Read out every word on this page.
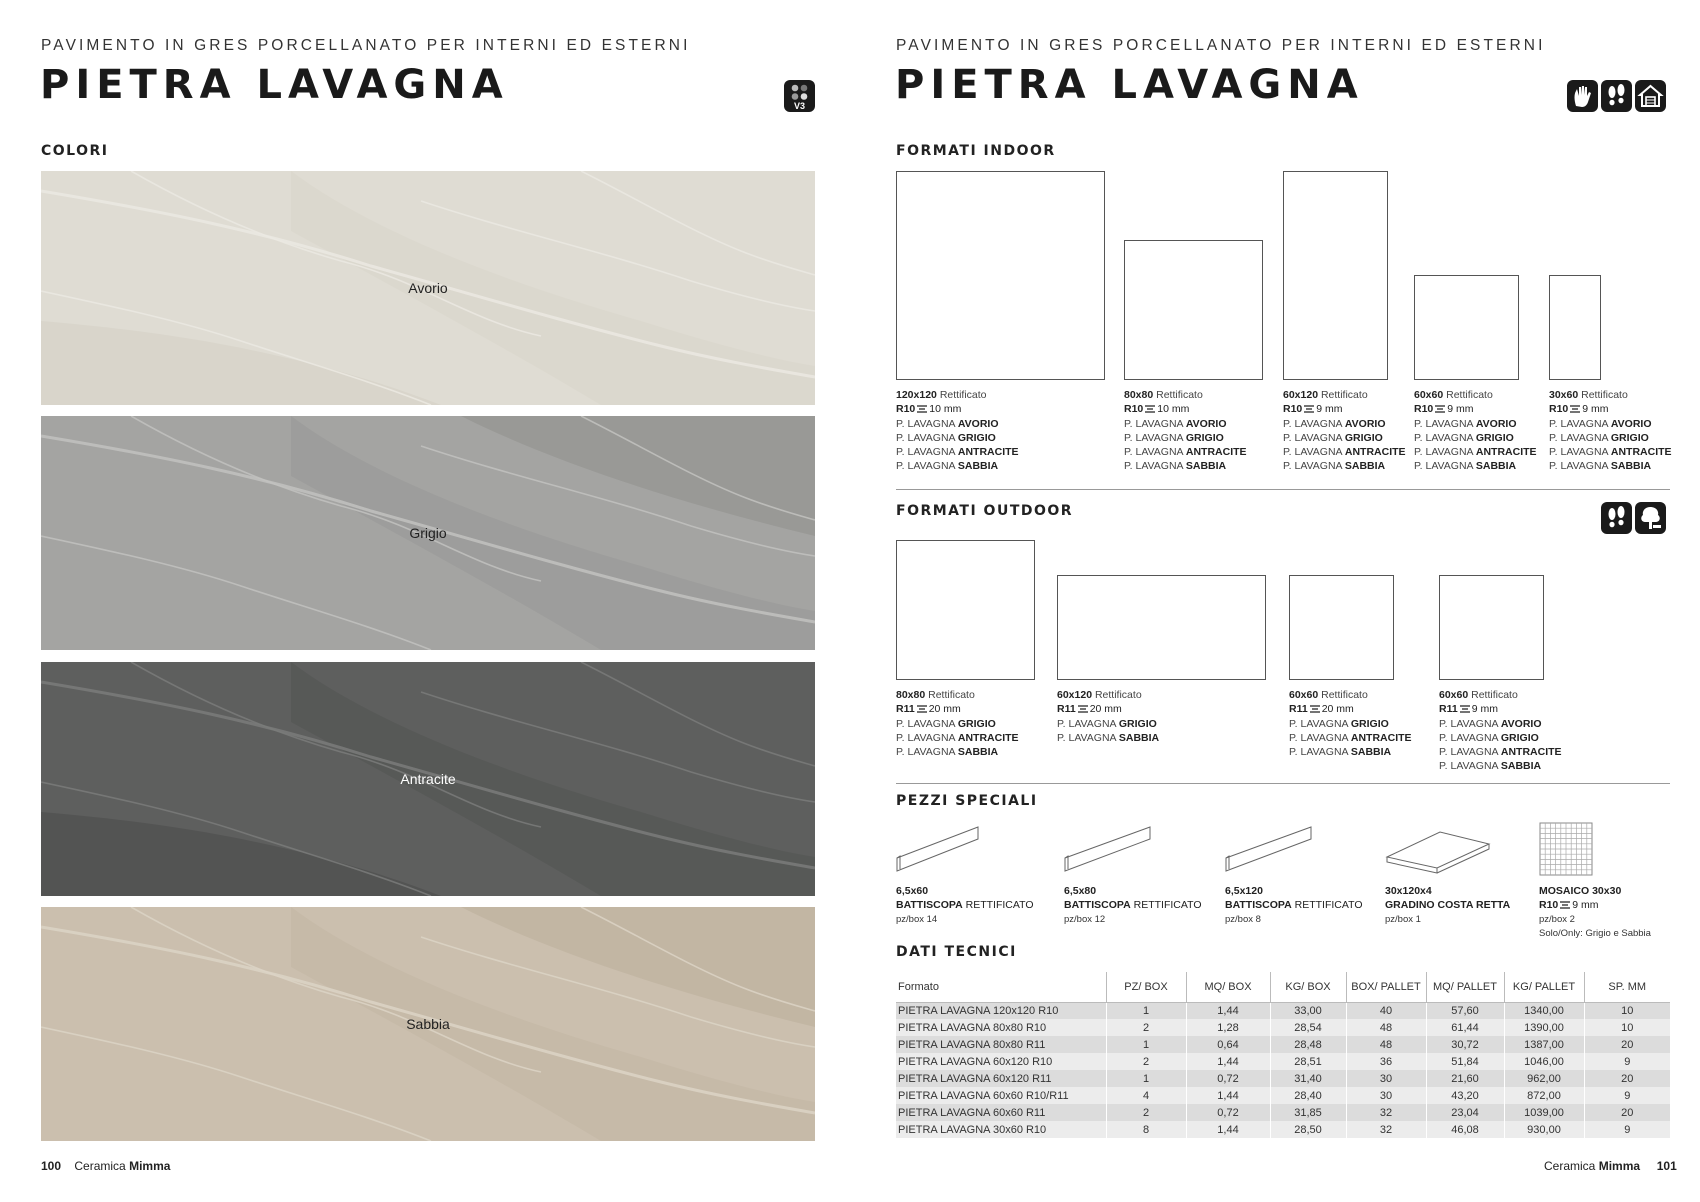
PAVIMENTO IN GRES PORCELLANATO PER INTERNI ED ESTERNI
PIETRA LAVAGNA	V3
COLORI
Avorio
Grigio
Antracite
Sabbia
100 Ceramica Mimma
PAVIMENTO IN GRES PORCELLANATO PER INTERNI ED ESTERNI
PIETRA LAVAGNA
FORMATI INDOOR
120x120 Rettificato
R10 10 mm
P. LAVAGNA AVORIO
P. LAVAGNA GRIGIO
P. LAVAGNA ANTRACITE
P. LAVAGNA SABBIA
80x80 Rettificato
R10 10 mm
P. LAVAGNA AVORIO
P. LAVAGNA GRIGIO
P. LAVAGNA ANTRACITE
P. LAVAGNA SABBIA
60x120 Rettificato
R10 9 mm
P. LAVAGNA AVORIO
P. LAVAGNA GRIGIO
P. LAVAGNA ANTRACITE
P. LAVAGNA SABBIA
60x60 Rettificato
R10 9 mm
P. LAVAGNA AVORIO
P. LAVAGNA GRIGIO
P. LAVAGNA ANTRACITE
P. LAVAGNA SABBIA
30x60 Rettificato
R10 9 mm
P. LAVAGNA AVORIO
P. LAVAGNA GRIGIO
P. LAVAGNA ANTRACITE
P. LAVAGNA SABBIA
FORMATI OUTDOOR
80x80 Rettificato
R11 20 mm
P. LAVAGNA GRIGIO
P. LAVAGNA ANTRACITE
P. LAVAGNA SABBIA
60x120 Rettificato
R11 20 mm
P. LAVAGNA GRIGIO
P. LAVAGNA SABBIA
60x60 Rettificato
R11 20 mm
P. LAVAGNA GRIGIO
P. LAVAGNA ANTRACITE
P. LAVAGNA SABBIA
60x60 Rettificato
R11 9 mm
P. LAVAGNA AVORIO
P. LAVAGNA GRIGIO
P. LAVAGNA ANTRACITE
P. LAVAGNA SABBIA
PEZZI SPECIALI
6,5x60
BATTISCOPA RETTIFICATO
pz/box 14
6,5x80
BATTISCOPA RETTIFICATO
pz/box 12
6,5x120
BATTISCOPA RETTIFICATO
pz/box 8
30x120x4
GRADINO COSTA RETTA
pz/box 1
MOSAICO 30x30
R10 9 mm
pz/box 2
Solo/Only: Grigio e Sabbia
DATI TECNICI
Formato	PZ/ BOX	MQ/ BOX	KG/ BOX	BOX/ PALLET	MQ/ PALLET	KG/ PALLET	SP. MM
PIETRA LAVAGNA 120x120 R10	1	1,44	33,00	40	57,60	1340,00	10
PIETRA LAVAGNA 80x80 R10	2	1,28	28,54	48	61,44	1390,00	10
PIETRA LAVAGNA 80x80 R11	1	0,64	28,48	48	30,72	1387,00	20
PIETRA LAVAGNA 60x120 R10	2	1,44	28,51	36	51,84	1046,00	9
PIETRA LAVAGNA 60x120 R11	1	0,72	31,40	30	21,60	962,00	20
PIETRA LAVAGNA 60x60 R10/R11	4	1,44	28,40	30	43,20	872,00	9
PIETRA LAVAGNA 60x60 R11	2	0,72	31,85	32	23,04	1039,00	20
PIETRA LAVAGNA 30x60 R10	8	1,44	28,50	32	46,08	930,00	9
Ceramica Mimma 101
